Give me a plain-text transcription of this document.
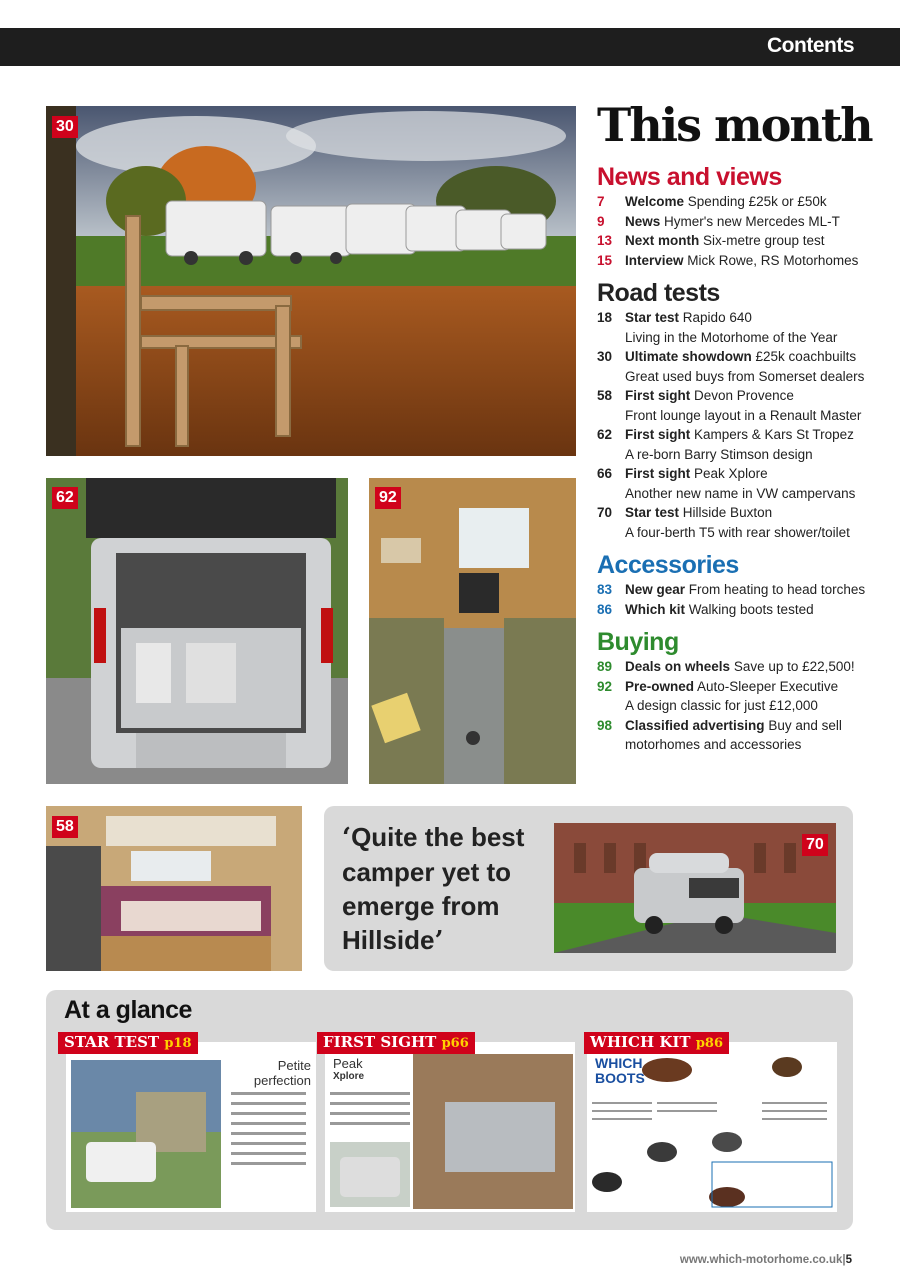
Contents
30
62	92
58
This month
News and views
7	Welcome Spending £25k or £50k
9	News Hymer's new Mercedes ML-T
13 Next month Six-metre group test
15 Interview Mick Rowe, RS Motorhomes
Road tests
18 Star test Rapido 640
Living in the Motorhome of the Year
30 Ultimate showdown £25k coachbuilts
Great used buys from Somerset dealers
58 First sight Devon Provence
Front lounge layout in a Renault Master
62 First sight Kampers & Kars St Tropez
A re-born Barry Stimson design
66 First sight Peak Xplore
Another new name in VW campervans
70 Star test Hillside Buxton
A four-berth T5 with rear shower/toilet
Accessories
83 New gear From heating to head torches
86 Which kit Walking boots tested
Buying
89 Deals on wheels Save up to £22,500!
92 Pre-owned Auto-Sleeper Executive
A design classic for just £12,000
98 Classified advertising Buy and sell
motorhomes and accessories
‘Quite the best camper yet to emerge from Hillside’
70
At a glance
Petite perfection
STAR TEST p18
Peak
Xplore
FIRST SIGHT p66
WHICH BOOTS
WHICH KIT p86
www.which-motorhome.co.uk|5
